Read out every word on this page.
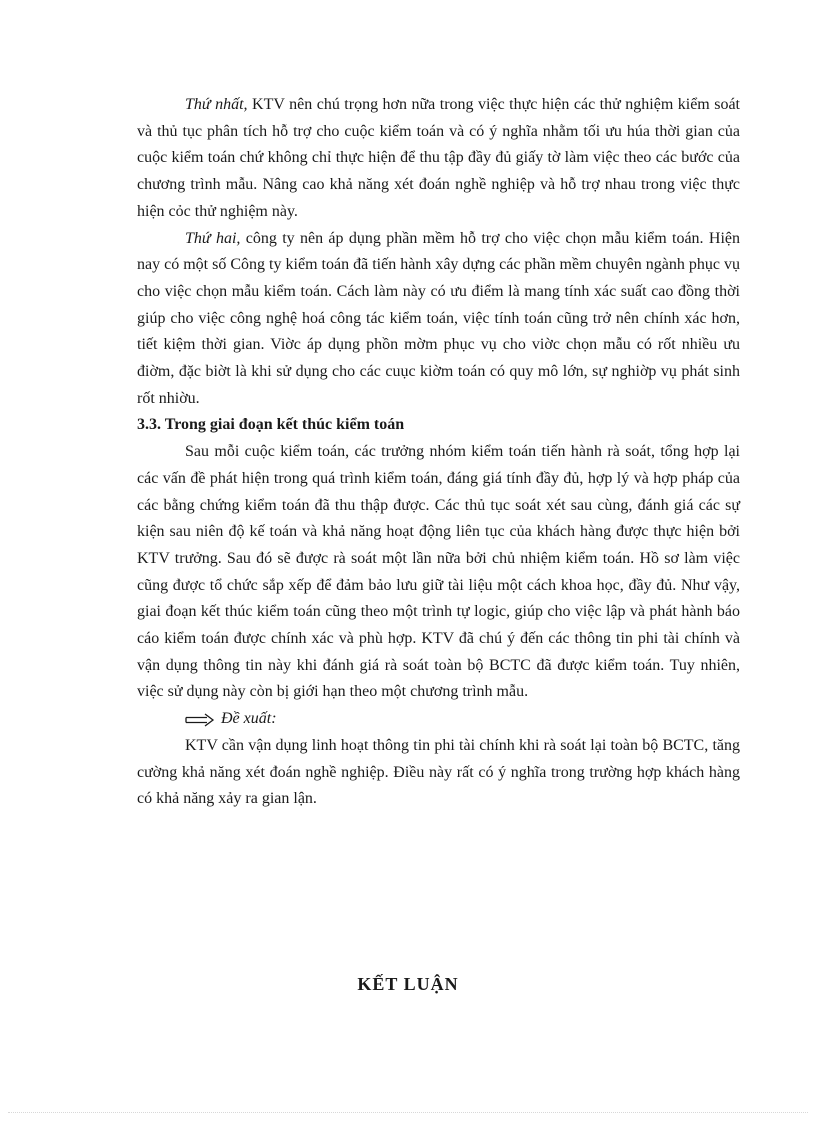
Thứ nhất, KTV nên chú trọng hơn nữa trong việc thực hiện các thử nghiệm kiểm soát và thủ tục phân tích hỗ trợ cho cuộc kiểm toán và có ý nghĩa nhằm tối ưu húa thời gian của cuộc kiểm toán chứ không chỉ thực hiện để thu tập đầy đủ giấy tờ làm việc theo các bước của chương trình mẫu. Nâng cao khả năng xét đoán nghề nghiệp và hỗ trợ nhau trong việc thực hiện cỏc thử nghiệm này.

Thứ hai, công ty nên áp dụng phần mềm hỗ trợ cho việc chọn mẫu kiểm toán. Hiện nay có một số Công ty kiểm toán đã tiến hành xây dựng các phần mềm chuyên ngành phục vụ cho việc chọn mẫu kiểm toán. Cách làm này có ưu điểm là mang tính xác suất cao đồng thời giúp cho việc công nghệ hoá công tác kiểm toán, việc tính toán cũng trở nên chính xác hơn, tiết kiệm thời gian. Viờc áp dụng phồn mờm phục vụ cho viờc chọn mẫu có rốt nhiều ưu điờm, đặc biờt là khi sử dụng cho các cuục kiờm toán có quy mô lớn, sự nghiờp vụ phát sinh rốt nhiờu.

3.3. Trong giai đoạn kết thúc kiểm toán

Sau mỗi cuộc kiểm toán, các trưởng nhóm kiểm toán tiến hành rà soát, tổng hợp lại các vấn đề phát hiện trong quá trình kiểm toán, đáng giá tính đầy đủ, hợp lý và hợp pháp của các bằng chứng kiểm toán đã thu thập được. Các thủ tục soát xét sau cùng, đánh giá các sự kiện sau niên độ kế toán và khả năng hoạt động liên tục của khách hàng được thực hiện bởi KTV trưởng. Sau đó sẽ được rà soát một lần nữa bởi chủ nhiệm kiểm toán. Hồ sơ làm việc cũng được tổ chức sắp xếp để đảm bảo lưu giữ tài liệu một cách khoa học, đầy đủ. Như vậy, giai đoạn kết thúc kiểm toán cũng theo một trình tự logic, giúp cho việc lập và phát hành báo cáo kiểm toán được chính xác và phù hợp. KTV đã chú ý đến các thông tin phi tài chính và vận dụng thông tin này khi đánh giá rà soát toàn bộ BCTC đã được kiểm toán. Tuy nhiên, việc sử dụng này còn bị giới hạn theo một chương trình mẫu.

Đề xuất:

KTV cần vận dụng linh hoạt thông tin phi tài chính khi rà soát lại toàn bộ BCTC, tăng cường khả năng xét đoán nghề nghiệp. Điều này rất có ý nghĩa trong trường hợp khách hàng có khả năng xảy ra gian lận.

KẾT LUẬN
